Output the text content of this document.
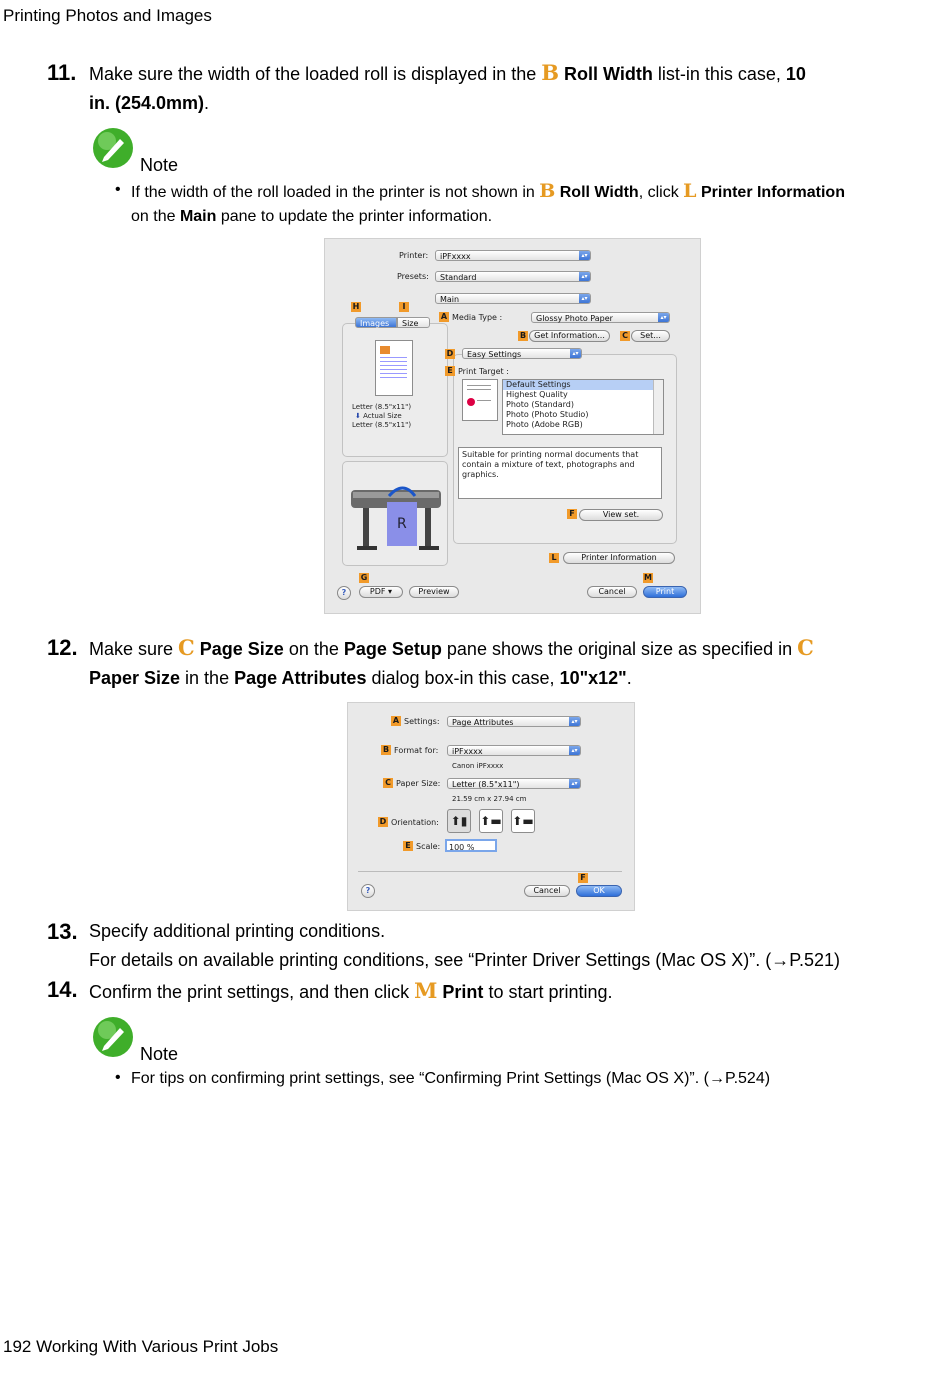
Printing Photos and Images
11. Make sure the width of the loaded roll is displayed in the B Roll Width list-in this case, 10
in. (254.0mm).
Note
• If the width of the roll loaded in the printer is not shown in B Roll Width, click L Printer Information
on the Main pane to update the printer information.
Printer:	iPFxxxx	▴▾
Presets:	Standard	▴▾
Main	▴▾
H	I
Images	Size
Letter (8.5"x11")
⬇ Actual Size
Letter (8.5"x11")
R
A Media Type :	Glossy Photo Paper	▴▾
B	Get Information...	C	Set...
D	Easy Settings	▴▾
E Print Target :
Default Settings
Highest Quality
Photo (Standard)
Photo (Photo Studio)
Photo (Adobe RGB)
Suitable for printing normal documents that contain a mixture of text, photographs and graphics.
F	View set.
L	Printer Information
G	M
?	PDF ▾	Preview	Cancel	Print
12. Make sure C Page Size on the Page Setup pane shows the original size as specified in C
Paper Size in the Page Attributes dialog box-in this case, 10"x12".
A Settings:	Page Attributes	▴▾
B Format for:	iPFxxxx	▴▾
Canon iPFxxxx
C Paper Size:	Letter (8.5"x11")	▴▾
21.59 cm x 27.94 cm
D Orientation: ⬆▮	⬆▬ ⬆▬
E Scale:	100 %
F
?	Cancel	OK
13. Specify additional printing conditions.
For details on available printing conditions, see “Printer Driver Settings (Mac OS X)”. (→P.521)
14. Confirm the print settings, and then click M Print to start printing.
Note
• For tips on confirming print settings, see “Confirming Print Settings (Mac OS X)”. (→P.524)
192 Working With Various Print Jobs
